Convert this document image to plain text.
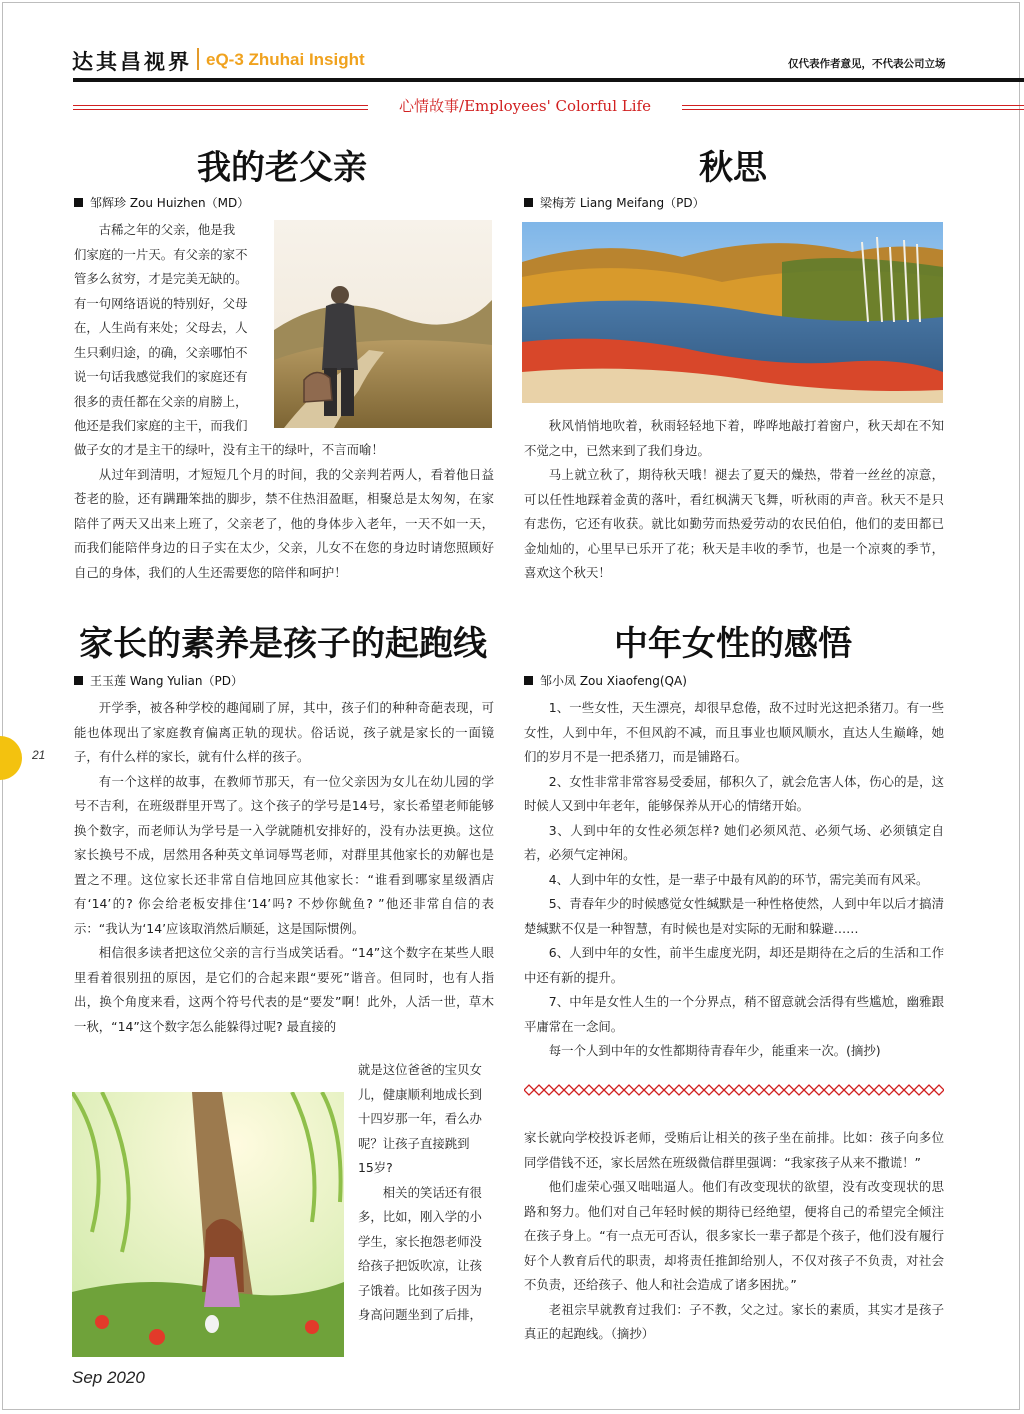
达其昌视界 eQ-3 Zhuhai Insight	仅代表作者意见，不代表公司立场
心情故事/Employees' Colorful Life
21
我的老父亲
邹辉珍 Zou Huizhen（MD）
古稀之年的父亲，他是我
们家庭的一片天。有父亲的家不
管多么贫穷，才是完美无缺的。
有一句网络语说的特别好，父母
在，人生尚有来处；父母去，人
生只剩归途，的确，父亲哪怕不
说一句话我感觉我们的家庭还有
很多的责任都在父亲的肩膀上，
他还是我们家庭的主干，而我们
做子女的才是主干的绿叶，没有主干的绿叶，不言而喻！

从过年到清明，才短短几个月的时间，我的父亲判若两人，看着他日益苍老的脸，还有蹒跚笨拙的脚步，禁不住热泪盈眶，相聚总是太匆匆，在家陪伴了两天又出来上班了，父亲老了，他的身体步入老年，一天不如一天，而我们能陪伴身边的日子实在太少，父亲，儿女不在您的身边时请您照顾好自己的身体，我们的人生还需要您的陪伴和呵护！

秋思
梁梅芳 Liang Meifang（PD）

秋风悄悄地吹着，秋雨轻轻地下着，哗哗地敲打着窗户，秋天却在不知不觉之中，已然来到了我们身边。

马上就立秋了，期待秋天哦！褪去了夏天的燥热，带着一丝丝的凉意，可以任性地踩着金黄的落叶，看红枫满天飞舞，听秋雨的声音。秋天不是只有悲伤，它还有收获。就比如勤劳而热爱劳动的农民伯伯，他们的麦田都已金灿灿的，心里早已乐开了花；秋天是丰收的季节，也是一个凉爽的季节，喜欢这个秋天！

家长的素养是孩子的起跑线
王玉莲 Wang Yulian（PD）

开学季，被各种学校的趣闻刷了屏，其中，孩子们的种种奇葩表现，可能也体现出了家庭教育偏离正轨的现状。俗话说，孩子就是家长的一面镜子，有什么样的家长，就有什么样的孩子。

有一个这样的故事，在教师节那天，有一位父亲因为女儿在幼儿园的学号不吉利，在班级群里开骂了。这个孩子的学号是14号，家长希望老师能够换个数字，而老师认为学号是一入学就随机安排好的，没有办法更换。这位家长换号不成，居然用各种英文单词辱骂老师，对群里其他家长的劝解也是置之不理。这位家长还非常自信地回应其他家长：“谁看到哪家星级酒店有‘14’的? 你会给老板安排住‘14’吗? 不炒你鱿鱼? ”他还非常自信的表示：“我认为‘14’应该取消然后顺延，这是国际惯例。

相信很多读者把这位父亲的言行当成笑话看。“14”这个数字在某些人眼里看着很别扭的原因，是它们的合起来跟“要死”谐音。但同时，也有人指出，换个角度来看，这两个符号代表的是“要发”啊！此外，人活一世，草木一秋，“14”这个数字怎么能躲得过呢? 最直接的

就是这位爸爸的宝贝女
儿，健康顺利地成长到
十四岁那一年，看么办
呢？让孩子直接跳到
15岁?
相关的笑话还有很
多，比如，刚入学的小
学生，家长抱怨老师没
给孩子把饭吹凉，让孩
子饿着。比如孩子因为
身高问题坐到了后排，
中年女性的感悟
邹小凤 Zou Xiaofeng(QA)

1、一些女性，天生漂亮，却很早怠倦，敌不过时光这把杀猪刀。有一些女性，人到中年，不但风韵不减，而且事业也顺风顺水，直达人生巅峰，她们的岁月不是一把杀猪刀，而是铺路石。

2、女性非常非常容易受委屈，郁积久了，就会危害人体，伤心的是，这时候人又到中年老年，能够保养从开心的情绪开始。

3、人到中年的女性必须怎样? 她们必须风范、必须气场、必须镇定自若，必须气定神闲。

4、人到中年的女性，是一辈子中最有风韵的环节，需完美而有风采。

5、青春年少的时候感觉女性缄默是一种性格使然，人到中年以后才搞清楚缄默不仅是一种智慧，有时候也是对实际的无耐和躲避……

6、人到中年的女性，前半生虚度光阴，却还是期待在之后的生活和工作中还有新的提升。

7、中年是女性人生的一个分界点，稍不留意就会活得有些尴尬，幽雅跟平庸常在一念间。

每一个人到中年的女性都期待青春年少，能重来一次。(摘抄)

家长就向学校投诉老师，受贿后让相关的孩子坐在前排。比如：孩子向多位同学借钱不还，家长居然在班级微信群里强调：“我家孩子从来不撒谎！”

他们虚荣心强又咄咄逼人。他们有改变现状的欲望，没有改变现状的思路和努力。他们对自己年轻时候的期待已经绝望，便将自己的希望完全倾注在孩子身上。“有一点无可否认，很多家长一辈子都是个孩子，他们没有履行好个人教育后代的职责，却将责任推卸给别人，不仅对孩子不负责，对社会不负责，还给孩子、他人和社会造成了诸多困扰。”

老祖宗早就教育过我们：子不教，父之过。家长的素质，其实才是孩子真正的起跑线。（摘抄）

Sep 2020
